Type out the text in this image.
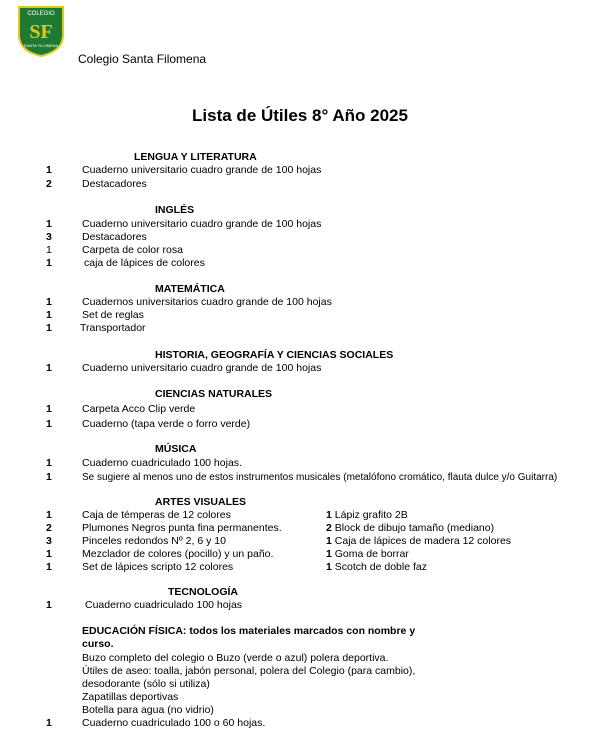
COLEGIO
SF
SANTA FILOMENA
Colegio Santa Filomena
Lista de Útiles 8° Año 2025
LENGUA Y LITERATURA
1	Cuaderno universitario cuadro grande de 100 hojas
2	Destacadores
INGLÉS
1	Cuaderno universitario cuadro grande de 100 hojas
3	Destacadores
1	Carpeta de color rosa
1	caja de lápices de colores
MATEMÁTICA
1	Cuadernos universitarios cuadro grande de 100 hojas
1	Set de reglas
1	Transportador
HISTORIA, GEOGRAFÍA Y CIENCIAS SOCIALES
1	Cuaderno universitario cuadro grande de 100 hojas
CIENCIAS NATURALES
1	Carpeta Acco Clip verde
1	Cuaderno (tapa verde o forro verde)
MÚSICA
1	Cuaderno cuadriculado 100 hojas.
1	Se sugiere al menos uno de estos instrumentos musicales (metalófono cromático, flauta dulce y/o Guitarra)
ARTES VISUALES
1	Caja de témperas de 12 colores	1 Lápiz grafito 2B
2	Plumones Negros punta fina permanentes.	2 Block de dibujo tamaño (mediano)
3	Pinceles redondos Nº 2, 6 y 10	1 Caja de lápices de madera 12 colores
1	Mezclador de colores (pocillo) y un paño.	1 Goma de borrar
1	Set de lápices scripto 12 colores	1 Scotch de doble faz
TECNOLOGÍA
1	Cuaderno cuadriculado 100 hojas
EDUCACIÓN FÍSICA: todos los materiales marcados con nombre y curso.
Buzo completo del colegio o Buzo (verde o azul) polera deportiva.
Útiles de aseo: toalla, jabón personal, polera del Colegio (para cambio),
desodorante (sólo si utiliza)
Zapatillas deportivas
Botella para agua (no vidrio)
1	Cuaderno cuadriculado 100 o 60 hojas.
